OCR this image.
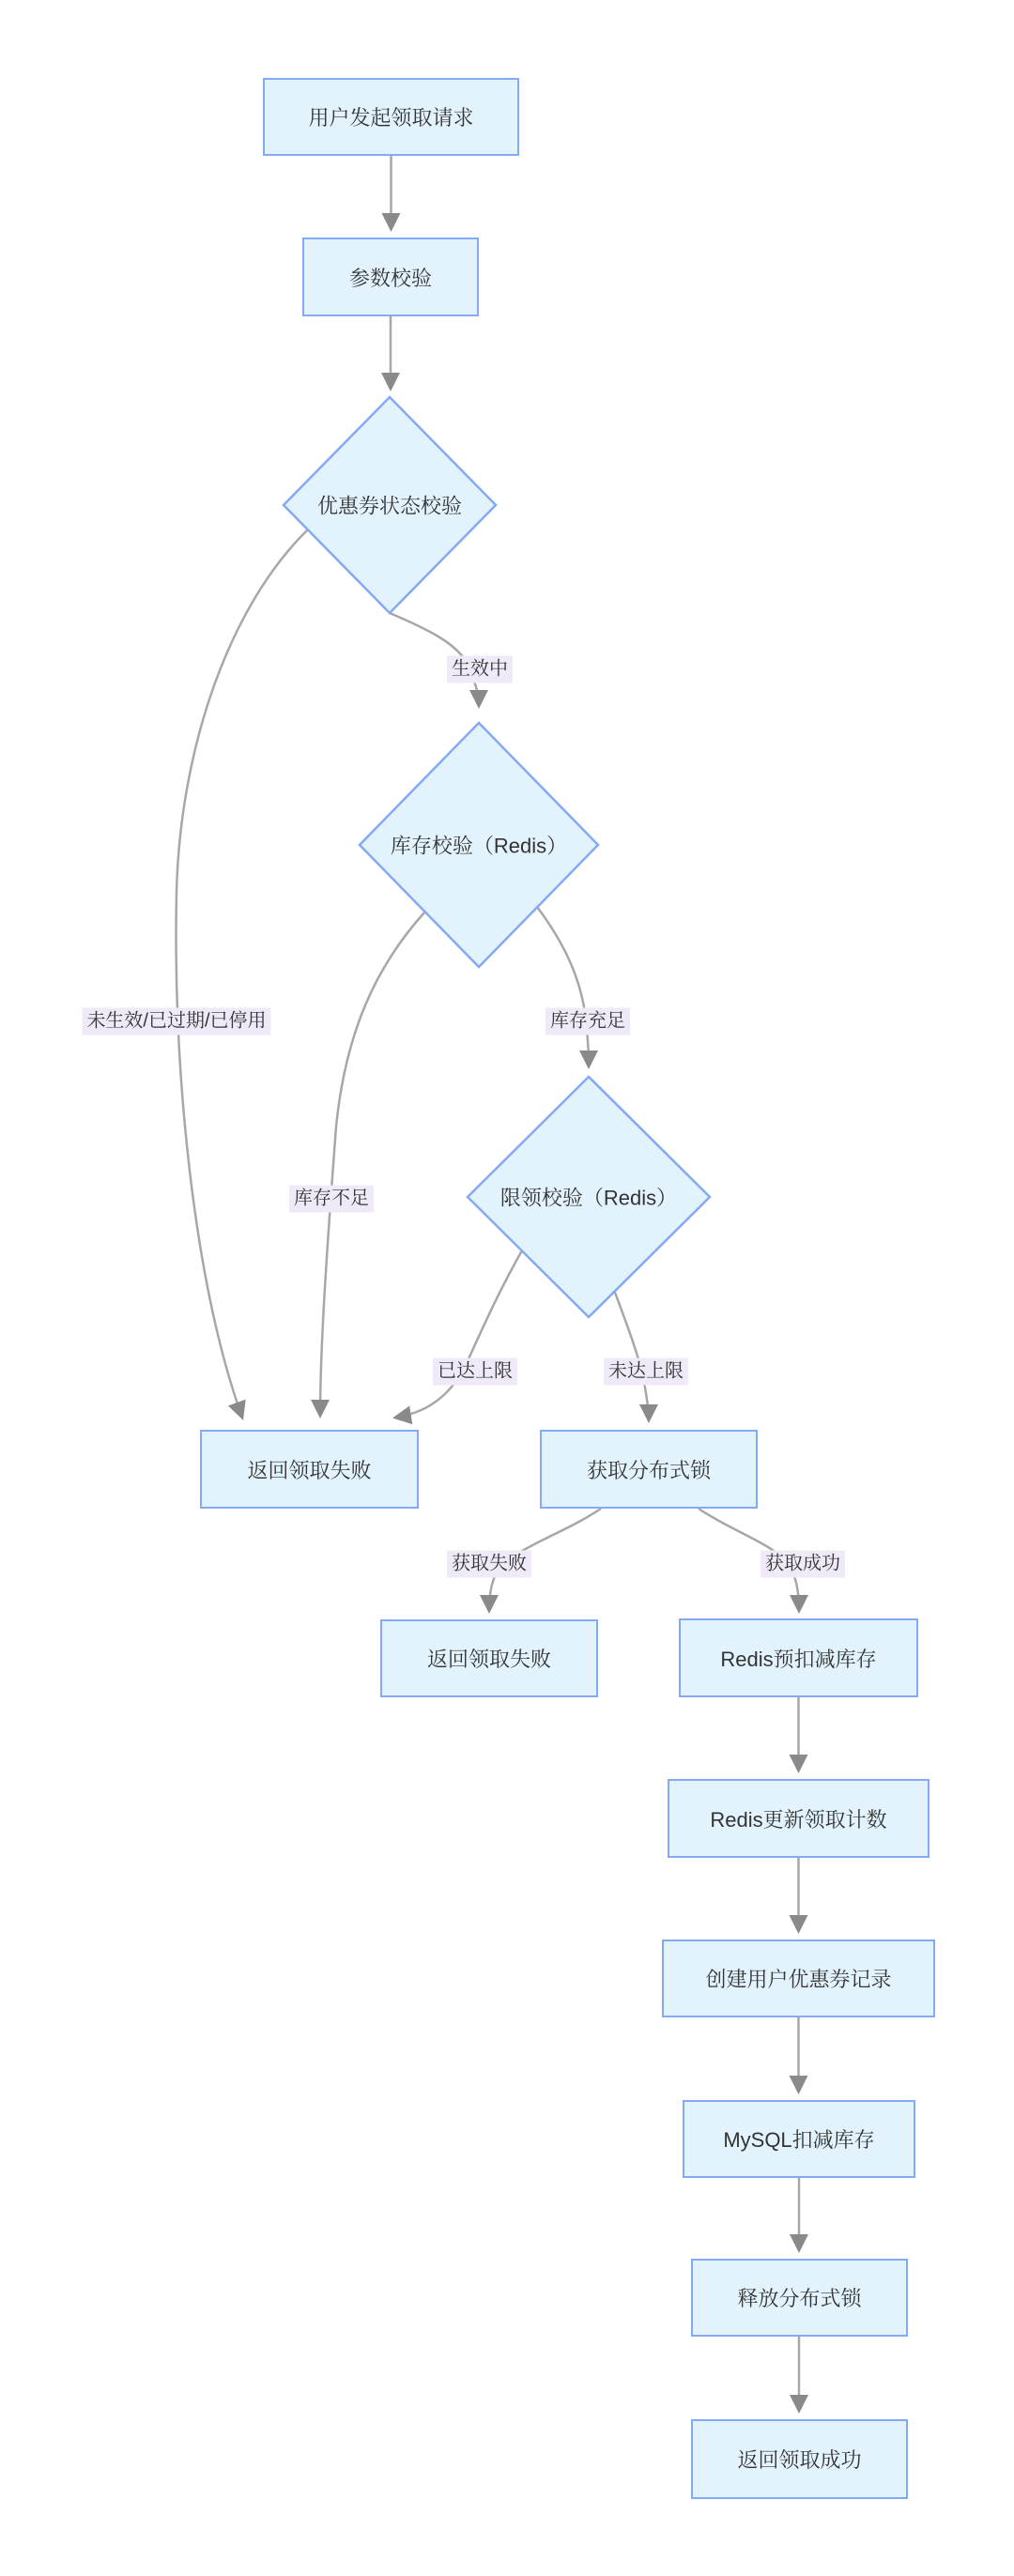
用户发起领取请求
参数校验
返回领取失败	获取分布式锁
返回领取失败	Redis预扣减库存
Redis更新领取计数
创建用户优惠券记录
MySQL扣减库存
释放分布式锁
返回领取成功
优惠券状态校验
库存校验（Redis）
限领校验（Redis）
生效中
未生效/已过期/已停用
库存不足
库存充足
已达上限	未达上限
获取失败	获取成功
